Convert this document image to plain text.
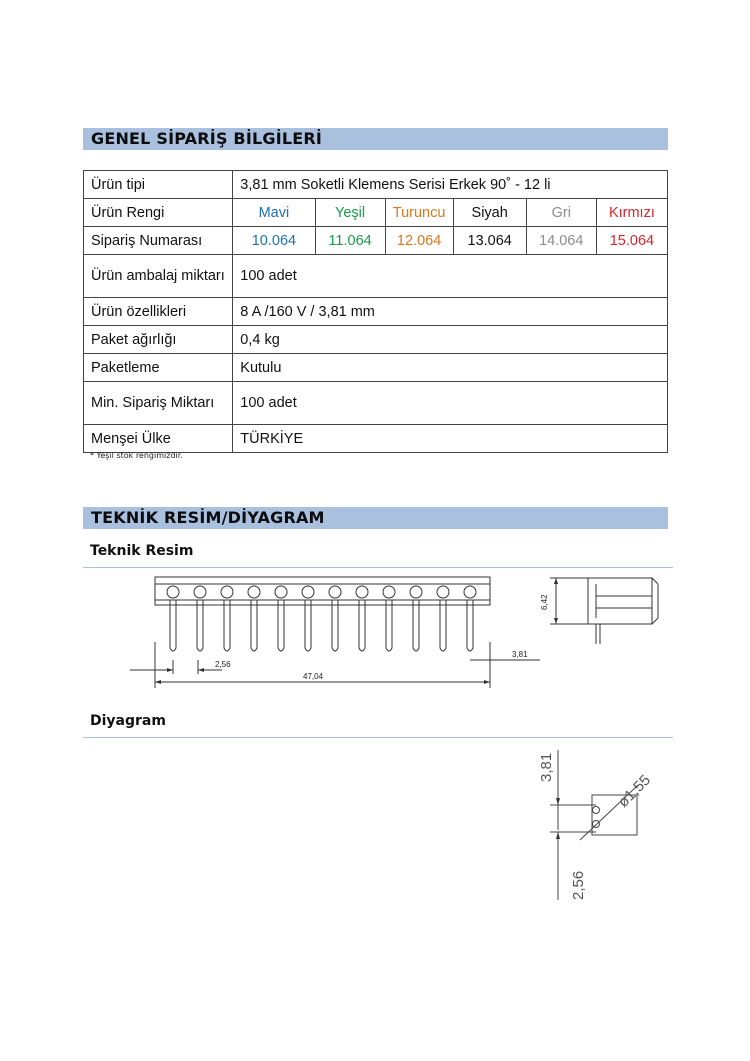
GENEL SİPARİŞ BİLGİLERİ
Ürün tipi	3,81 mm Soketli Klemens Serisi Erkek 90˚ - 12 li					
Ürün Rengi	Mavi	Yeşil	Turuncu	Siyah	Gri	Kırmızı
Sipariş Numarası	10.064	11.064	12.064	13.064	14.064	15.064
Ürün ambalaj miktarı	100 adet					
Ürün özellikleri	8 A /160 V / 3,81 mm					
Paket ağırlığı	0,4 kg					
Paketleme	Kutulu					
Min. Sipariş Miktarı	100 adet					
Menşei Ülke	TÜRKİYE					
* Yeşil stok rengimizdir.
TEKNİK RESİM/DİYAGRAM
Teknik Resim
2,56
47,04
3,81
6,42
Diyagram
3,81
2,56
ø1,55
